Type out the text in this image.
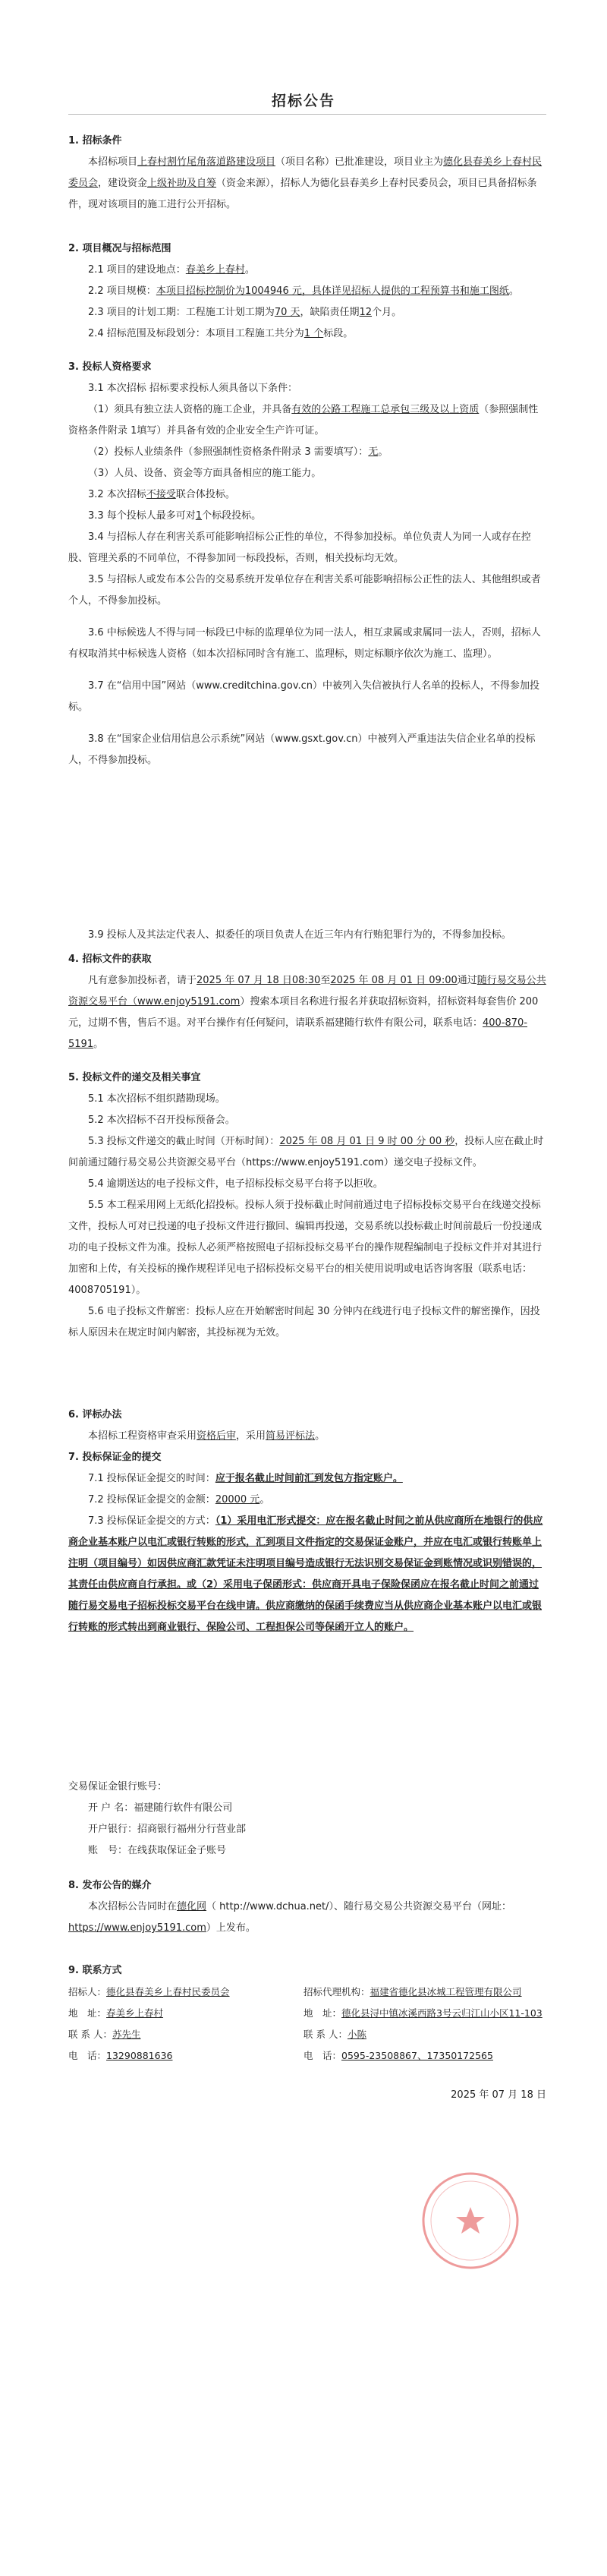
招标公告

1. 招标条件

本招标项目上春村割竹尾角落道路建设项目（项目名称）已批准建设，项目业主为德化县春美乡上春村民委员会，建设资金上级补助及自筹（资金来源），招标人为德化县春美乡上春村民委员会，项目已具备招标条件，现对该项目的施工进行公开招标。

2. 项目概况与招标范围

2.1 项目的建设地点：春美乡上春村。

2.2 项目规模：本项目招标控制价为1004946 元，具体详见招标人提供的工程预算书和施工图纸。

2.3 项目的计划工期：工程施工计划工期为70 天，缺陷责任期12个月。

2.4 招标范围及标段划分：本项目工程施工共分为1 个标段。

3. 投标人资格要求

3.1 本次招标 招标要求投标人须具备以下条件：

（1）须具有独立法人资格的施工企业，并具备有效的公路工程施工总承包三级及以上资质（参照强制性资格条件附录 1填写）并具备有效的企业安全生产许可证。

（2）投标人业绩条件（参照强制性资格条件附录 3 需要填写）：无。

（3）人员、设备、资金等方面具备相应的施工能力。

3.2 本次招标不接受联合体投标。

3.3 每个投标人最多可对1个标段投标。

3.4 与招标人存在利害关系可能影响招标公正性的单位，不得参加投标。单位负责人为同一人或存在控股、管理关系的不同单位，不得参加同一标段投标，否则，相关投标均无效。

3.5 与招标人或发布本公告的交易系统开发单位存在利害关系可能影响招标公正性的法人、其他组织或者个人，不得参加投标。

3.6 中标候选人不得与同一标段已中标的监理单位为同一法人，相互隶属或隶属同一法人，否则，招标人有权取消其中标候选人资格（如本次招标同时含有施工、监理标，则定标顺序依次为施工、监理）。

3.7 在“信用中国”网站（www.creditchina.gov.cn）中被列入失信被执行人名单的投标人，不得参加投标。

3.8 在“国家企业信用信息公示系统”网站（www.gsxt.gov.cn）中被列入严重违法失信企业名单的投标人，不得参加投标。

3.9 投标人及其法定代表人、拟委任的项目负责人在近三年内有行贿犯罪行为的，不得参加投标。

4. 招标文件的获取

凡有意参加投标者，请于2025 年 07 月 18 日08:30至2025 年 08 月 01 日 09:00通过随行易交易公共资源交易平台（www.enjoy5191.com）搜索本项目名称进行报名并获取招标资料，招标资料每套售价 200 元，过期不售，售后不退。对平台操作有任何疑问，请联系福建随行软件有限公司，联系电话：400-870-5191。

5. 投标文件的递交及相关事宜

5.1 本次招标不组织踏勘现场。

5.2 本次招标不召开投标预备会。

5.3 投标文件递交的截止时间（开标时间）：2025 年 08 月 01 日 9 时 00 分 00 秒，投标人应在截止时间前通过随行易交易公共资源交易平台（https://www.enjoy5191.com）递交电子投标文件。

5.4 逾期送达的电子投标文件，电子招标投标交易平台将予以拒收。

5.5 本工程采用网上无纸化招投标。投标人须于投标截止时间前通过电子招标投标交易平台在线递交投标文件，投标人可对已投递的电子投标文件进行撤回、编辑再投递，交易系统以投标截止时间前最后一份投递成功的电子投标文件为准。投标人必须严格按照电子招标投标交易平台的操作规程编制电子投标文件并对其进行加密和上传，有关投标的操作规程详见电子招标投标交易平台的相关使用说明或电话咨询客服（联系电话：4008705191）。

5.6 电子投标文件解密：投标人应在开始解密时间起 30 分钟内在线进行电子投标文件的解密操作，因投标人原因未在规定时间内解密，其投标视为无效。

6. 评标办法

本招标工程资格审查采用资格后审，采用简易评标法。

7. 投标保证金的提交

7.1 投标保证金提交的时间：应于报名截止时间前汇到发包方指定账户。

7.2 投标保证金提交的金额：20000 元。

7.3 投标保证金提交的方式：（1）采用电汇形式提交：应在报名截止时间之前从供应商所在地银行的供应商企业基本账户以电汇或银行转账的形式，汇到项目文件指定的交易保证金账户，并应在电汇或银行转账单上注明（项目编号）如因供应商汇款凭证未注明项目编号造成银行无法识别交易保证金到账情况或识别错误的，其责任由供应商自行承担。或（2）采用电子保函形式：供应商开具电子保险保函应在报名截止时间之前通过随行易交易电子招标投标交易平台在线申请。供应商缴纳的保函手续费应当从供应商企业基本账户以电汇或银行转账的形式转出到商业银行、保险公司、工程担保公司等保函开立人的账户。

交易保证金银行账号：

开 户 名：福建随行软件有限公司

开户银行：招商银行福州分行营业部

账　号：在线获取保证金子账号

8. 发布公告的媒介

本次招标公告同时在德化网（ http://www.dchua.net/）、随行易交易公共资源交易平台（网址：https://www.enjoy5191.com）上发布。

9. 联系方式

招标人：德化县春美乡上春村民委员会
地　址：春美乡上春村
联 系 人：苏先生
电　话：13290881636
招标代理机构：福建省德化县冰城工程管理有限公司
地　址：德化县浔中镇冰溪西路3号云归江山小区11-103
联 系 人：小陈
电　话：0595-23508867、17350172565
2025 年 07 月 18 日
